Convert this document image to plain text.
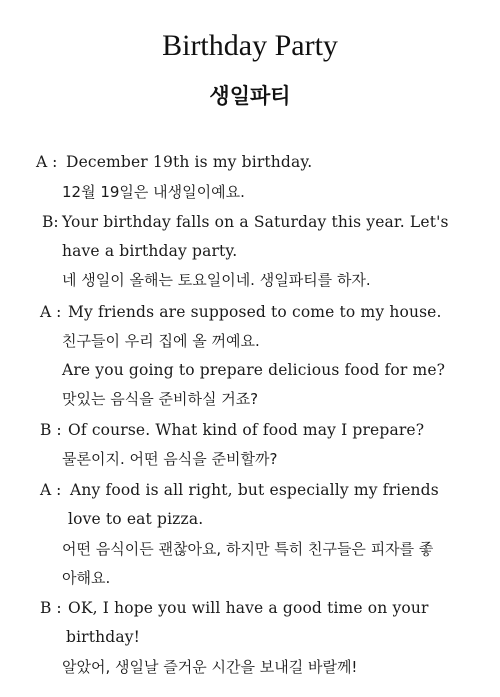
Birthday Party
생일파티
A : December 19th is my birthday.
12월 19일은 내생일이예요.
B: Your birthday falls on a Saturday this year. Let's
have a birthday party.
네 생일이 올해는 토요일이네. 생일파티를 하자.
A : My friends are supposed to come to my house.
친구들이 우리 집에 올 꺼예요.
Are you going to prepare delicious food for me?
맛있는 음식을 준비하실 거죠?
B : Of course. What kind of food may I prepare?
물론이지. 어떤 음식을 준비할까?
A : Any food is all right, but especially my friends
love to eat pizza.
어떤 음식이든 괜찮아요, 하지만 특히 친구들은 피자를 좋
아해요.
B : OK, I hope you will have a good time on your
birthday!
알았어, 생일날 즐거운 시간을 보내길 바랄께!
